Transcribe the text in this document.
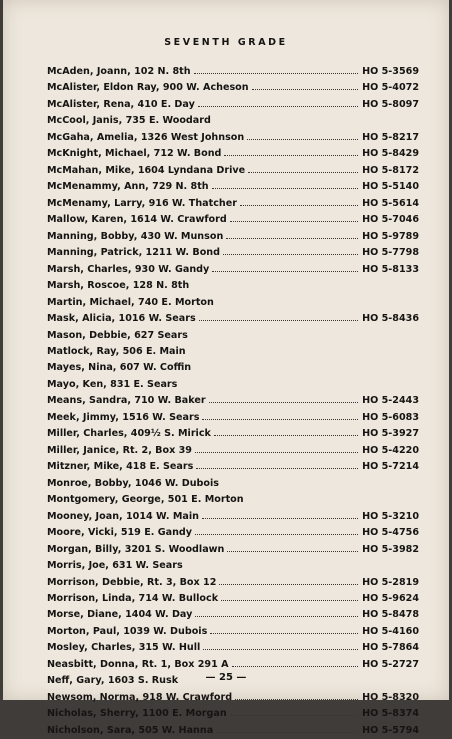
SEVENTH GRADE
McAden, Joann, 102 N. 8th	HO 5-3569
McAlister, Eldon Ray, 900 W. Acheson	HO 5-4072
McAlister, Rena, 410 E. Day	HO 5-8097
McCool, Janis, 735 E. Woodard
McGaha, Amelia, 1326 West Johnson	HO 5-8217
McKnight, Michael, 712 W. Bond	HO 5-8429
McMahan, Mike, 1604 Lyndana Drive	HO 5-8172
McMenammy, Ann, 729 N. 8th	HO 5-5140
McMenamy, Larry, 916 W. Thatcher	HO 5-5614
Mallow, Karen, 1614 W. Crawford	HO 5-7046
Manning, Bobby, 430 W. Munson	HO 5-9789
Manning, Patrick, 1211 W. Bond	HO 5-7798
Marsh, Charles, 930 W. Gandy	HO 5-8133
Marsh, Roscoe, 128 N. 8th
Martin, Michael, 740 E. Morton
Mask, Alicia, 1016 W. Sears	HO 5-8436
Mason, Debbie, 627 Sears
Matlock, Ray, 506 E. Main
Mayes, Nina, 607 W. Coffin
Mayo, Ken, 831 E. Sears
Means, Sandra, 710 W. Baker	HO 5-2443
Meek, Jimmy, 1516 W. Sears	HO 5-6083
Miller, Charles, 409½ S. Mirick	HO 5-3927
Miller, Janice, Rt. 2, Box 39	HO 5-4220
Mitzner, Mike, 418 E. Sears	HO 5-7214
Monroe, Bobby, 1046 W. Dubois
Montgomery, George, 501 E. Morton
Mooney, Joan, 1014 W. Main	HO 5-3210
Moore, Vicki, 519 E. Gandy	HO 5-4756
Morgan, Billy, 3201 S. Woodlawn	HO 5-3982
Morris, Joe, 631 W. Sears
Morrison, Debbie, Rt. 3, Box 12	HO 5-2819
Morrison, Linda, 714 W. Bullock	HO 5-9624
Morse, Diane, 1404 W. Day	HO 5-8478
Morton, Paul, 1039 W. Dubois	HO 5-4160
Mosley, Charles, 315 W. Hull	HO 5-7864
Neasbitt, Donna, Rt. 1, Box 291 A	HO 5-2727
Neff, Gary, 1603 S. Rusk
Newsom, Norma, 918 W. Crawford	HO 5-8320
Nicholas, Sherry, 1100 E. Morgan	HO 5-8374
Nicholson, Sara, 505 W. Hanna	HO 5-5794
— 25 —
